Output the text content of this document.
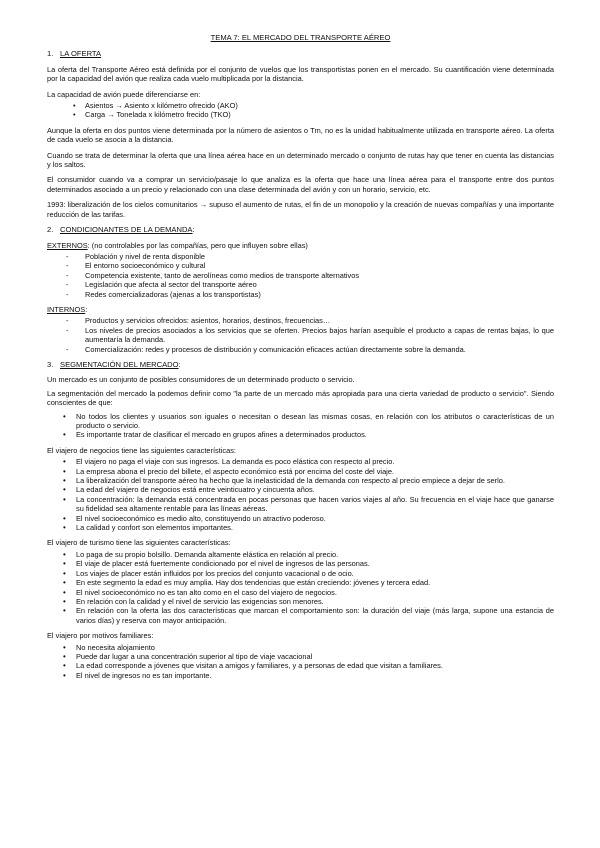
TEMA 7: EL MERCADO DEL TRANSPORTE AÉREO
1. LA OFERTA

La oferta del Transporte Aéreo está definida por el conjunto de vuelos que los transportistas ponen en el mercado. Su cuantificación viene determinada por la capacidad del avión que realiza cada vuelo multiplicada por la distancia.

La capacidad de avión puede diferenciarse en:

• Asientos → Asiento x kilómetro ofrecido (AKO)
• Carga → Tonelada x kilómetro frecido (TKO)

Aunque la oferta en dos puntos viene determinada por la número de asientos o Tm, no es la unidad habitualmente utilizada en transporte aéreo. La oferta de cada vuelo se asocia a la distancia.

Cuando se trata de determinar la oferta que una línea aérea hace en un determinado mercado o conjunto de rutas hay que tener en cuenta las distancias y los saltos.

El consumidor cuando va a comprar un servicio/pasaje lo que analiza es la oferta que hace una línea aérea para el transporte entre dos puntos determinados asociado a un precio y relacionado con una clase determinada del avión y con un horario, servicio, etc.

1993: liberalización de los cielos comunitarios → supuso el aumento de rutas, el fin de un monopolio y la creación de nuevas compañías y una importante reducción de las tarifas.

2. CONDICIONANTES DE LA DEMANDA:

EXTERNOS: (no controlables por las compañías, pero que influyen sobre ellas)

- Población y nivel de renta disponible
- El entorno socioeconómico y cultural
- Competencia existente, tanto de aerolíneas como medios de transporte alternativos
- Legislación que afecta al sector del transporte aéreo
- Redes comercializadoras (ajenas a los transportistas)

INTERNOS:

- Productos y servicios ofrecidos: asientos, horarios, destinos, frecuencias…
- Los niveles de precios asociados a los servicios que se oferten. Precios bajos harían asequible el producto a capas de rentas bajas, lo que aumentaría la demanda.
- Comercialización: redes y procesos de distribución y comunicación eficaces actúan directamente sobre la demanda.
3. SEGMENTACIÓN DEL MERCADO:

Un mercado es un conjunto de posibles consumidores de un determinado producto o servicio.

La segmentación del mercado la podemos definir como "la parte de un mercado más apropiada para una cierta variedad de producto o servicio". Siendo conscientes de que:

• No todos los clientes y usuarios son iguales o necesitan o desean las mismas cosas, en relación con los atributos o características de un producto o servicio.
• Es importante tratar de clasificar el mercado en grupos afines a determinados productos.

El viajero de negocios tiene las siguientes características:

• El viajero no paga el viaje con sus ingresos. La demanda es poco elástica con respecto al precio.
• La empresa abona el precio del billete, el aspecto económico está por encima del coste del viaje.
• La liberalización del transporte aéreo ha hecho que la inelasticidad de la demanda con respecto al precio empiece a dejar de serlo.
• La edad del viajero de negocios está entre veinticuatro y cincuenta años.
• La concentración: la demanda está concentrada en pocas personas que hacen varios viajes al año. Su frecuencia en el viaje hace que ganarse su fidelidad sea altamente rentable para las líneas aéreas.
• El nivel socioeconómico es medio alto, constituyendo un atractivo poderoso.
• La calidad y confort son elementos importantes.

El viajero de turismo tiene las siguientes características:

• Lo paga de su propio bolsillo. Demanda altamente elástica en relación al precio.
• El viaje de placer está fuertemente condicionado por el nivel de ingresos de las personas.
• Los viajes de placer están influidos por los precios del conjunto vacacional o de ocio.
• En este segmento la edad es muy amplia. Hay dos tendencias que están creciendo: jóvenes y tercera edad.
• El nivel socioeconómico no es tan alto como en el caso del viajero de negocios.
• En relación con la calidad y el nivel de servicio las exigencias son menores.
• En relación con la oferta las dos características que marcan el comportamiento son: la duración del viaje (más larga, supone una estancia de varios días) y reserva con mayor anticipación.

El viajero por motivos familiares:

• No necesita alojamiento
• Puede dar lugar a una concentración superior al tipo de viaje vacacional
• La edad corresponde a jóvenes que visitan a amigos y familiares, y a personas de edad que visitan a familiares.
• El nivel de ingresos no es tan importante.
